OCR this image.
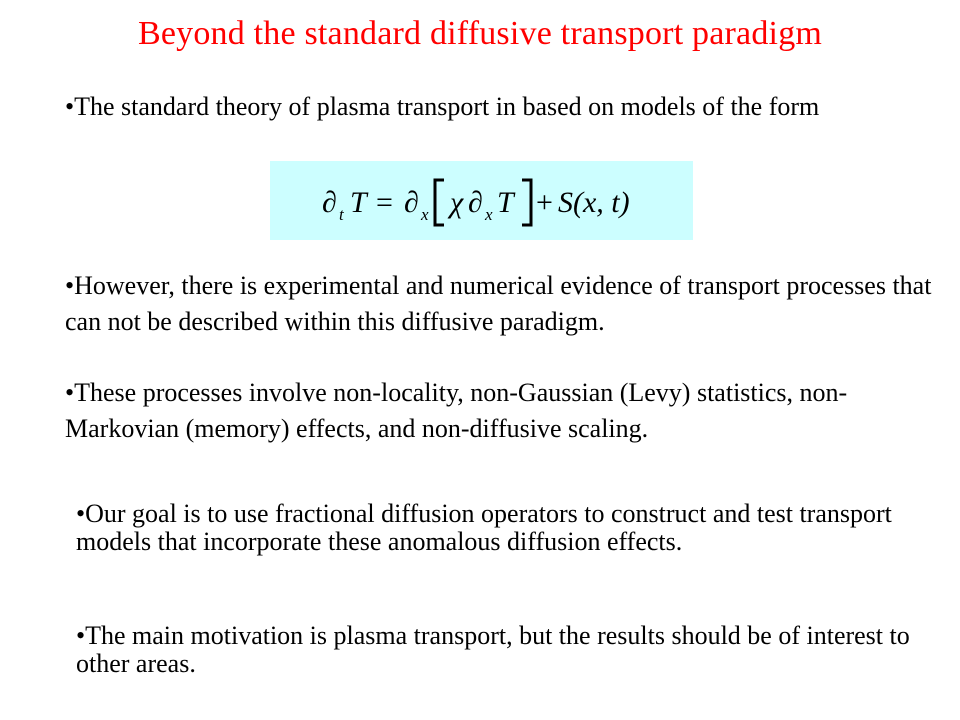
Beyond the standard diffusive transport paradigm

•The standard theory of plasma transport in based on models of the form

∂ t T = ∂ x χ ∂ x T + S(x, t)

•However, there is experimental and numerical evidence of transport processes that can not be described within this diffusive paradigm.

•These processes involve non-locality, non-Gaussian (Levy) statistics, non-Markovian (memory) effects, and non-diffusive scaling.

•Our goal is to use fractional diffusion operators to construct and test transport models that incorporate these anomalous diffusion effects.

•The main motivation is plasma transport, but the results should be of interest to other areas.
